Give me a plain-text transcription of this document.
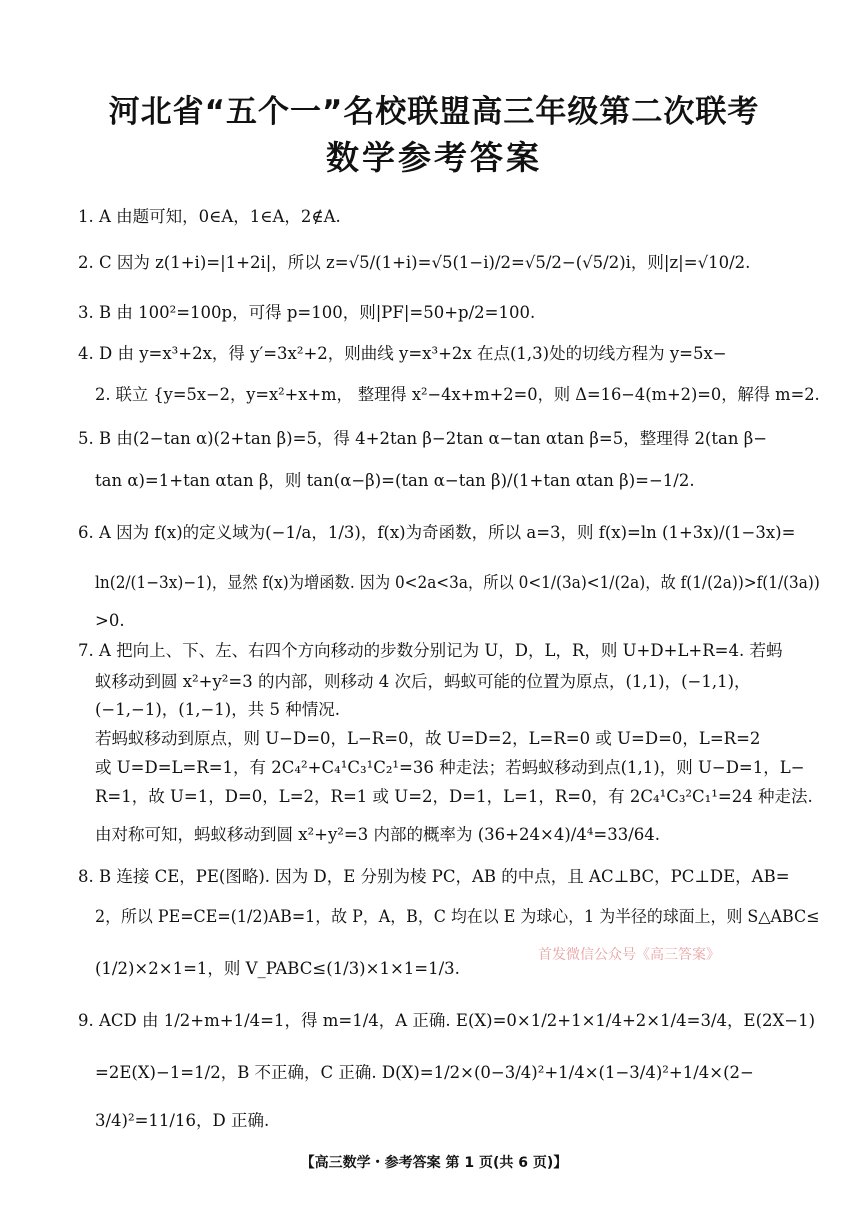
河北省“五个一”名校联盟高三年级第二次联考
数学参考答案
1. A 由题可知，0∈A，1∈A，2∉A.
2. C 因为 z(1+i)=|1+2i|，所以 z=√5/(1+i)=√5(1−i)/2=√5/2−(√5/2)i，则|z|=√10/2.
3. B 由 100²=100p，可得 p=100，则|PF|=50+p/2=100.
4. D 由 y=x³+2x，得 y′=3x²+2，则曲线 y=x³+2x 在点(1,3)处的切线方程为 y=5x−
2. 联立 {y=5x−2，y=x²+x+m， 整理得 x²−4x+m+2=0，则 Δ=16−4(m+2)=0，解得 m=2.
5. B 由(2−tan α)(2+tan β)=5，得 4+2tan β−2tan α−tan αtan β=5，整理得 2(tan β−
tan α)=1+tan αtan β，则 tan(α−β)=(tan α−tan β)/(1+tan αtan β)=−1/2.
6. A 因为 f(x)的定义域为(−1/a，1/3)，f(x)为奇函数，所以 a=3，则 f(x)=ln (1+3x)/(1−3x)=
ln(2/(1−3x)−1)，显然 f(x)为增函数. 因为 0<2a<3a，所以 0<1/(3a)<1/(2a)，故 f(1/(2a))>f(1/(3a))
>0.
7. A 把向上、下、左、右四个方向移动的步数分别记为 U，D，L，R，则 U+D+L+R=4. 若蚂
蚁移动到圆 x²+y²=3 的内部，则移动 4 次后，蚂蚁可能的位置为原点，(1,1)，(−1,1)，
(−1,−1)，(1,−1)，共 5 种情况.
若蚂蚁移动到原点，则 U−D=0，L−R=0，故 U=D=2，L=R=0 或 U=D=0，L=R=2
或 U=D=L=R=1，有 2C₄²+C₄¹C₃¹C₂¹=36 种走法；若蚂蚁移动到点(1,1)，则 U−D=1，L−
R=1，故 U=1，D=0，L=2，R=1 或 U=2，D=1，L=1，R=0，有 2C₄¹C₃²C₁¹=24 种走法.
由对称可知，蚂蚁移动到圆 x²+y²=3 内部的概率为 (36+24×4)/4⁴=33/64.
8. B 连接 CE，PE(图略). 因为 D，E 分别为棱 PC，AB 的中点，且 AC⊥BC，PC⊥DE，AB=
2，所以 PE=CE=(1/2)AB=1，故 P，A，B，C 均在以 E 为球心，1 为半径的球面上，则 S△ABC≤
(1/2)×2×1=1，则 V_PABC≤(1/3)×1×1=1/3.
9. ACD 由 1/2+m+1/4=1，得 m=1/4，A 正确. E(X)=0×1/2+1×1/4+2×1/4=3/4，E(2X−1)
=2E(X)−1=1/2，B 不正确，C 正确. D(X)=1/2×(0−3/4)²+1/4×(1−3/4)²+1/4×(2−
3/4)²=11/16，D 正确.
首发微信公众号《高三答案》
【高三数学・参考答案 第 1 页(共 6 页)】
